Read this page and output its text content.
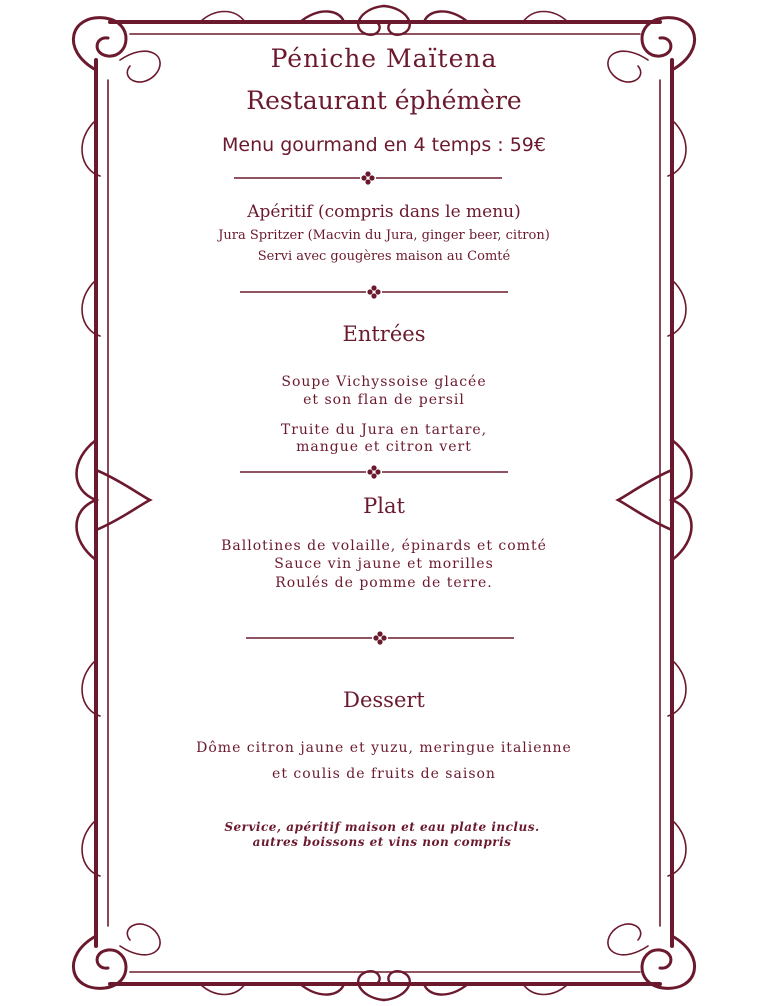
Péniche Maïtena
Restaurant éphémère
Menu gourmand en 4 temps : 59€
Apéritif (compris dans le menu)
Jura Spritzer (Macvin du Jura, ginger beer, citron)
Servi avec gougères maison au Comté
Entrées
Soupe Vichyssoise glacée
et son flan de persil
Truite du Jura en tartare,
mangue et citron vert
Plat
Ballotines de volaille, épinards et comté
Sauce vin jaune et morilles
Roulés de pomme de terre.
Dessert
Dôme citron jaune et yuzu, meringue italienne
et coulis de fruits de saison
Service, apéritif maison et eau plate inclus.
autres boissons et vins non compris
